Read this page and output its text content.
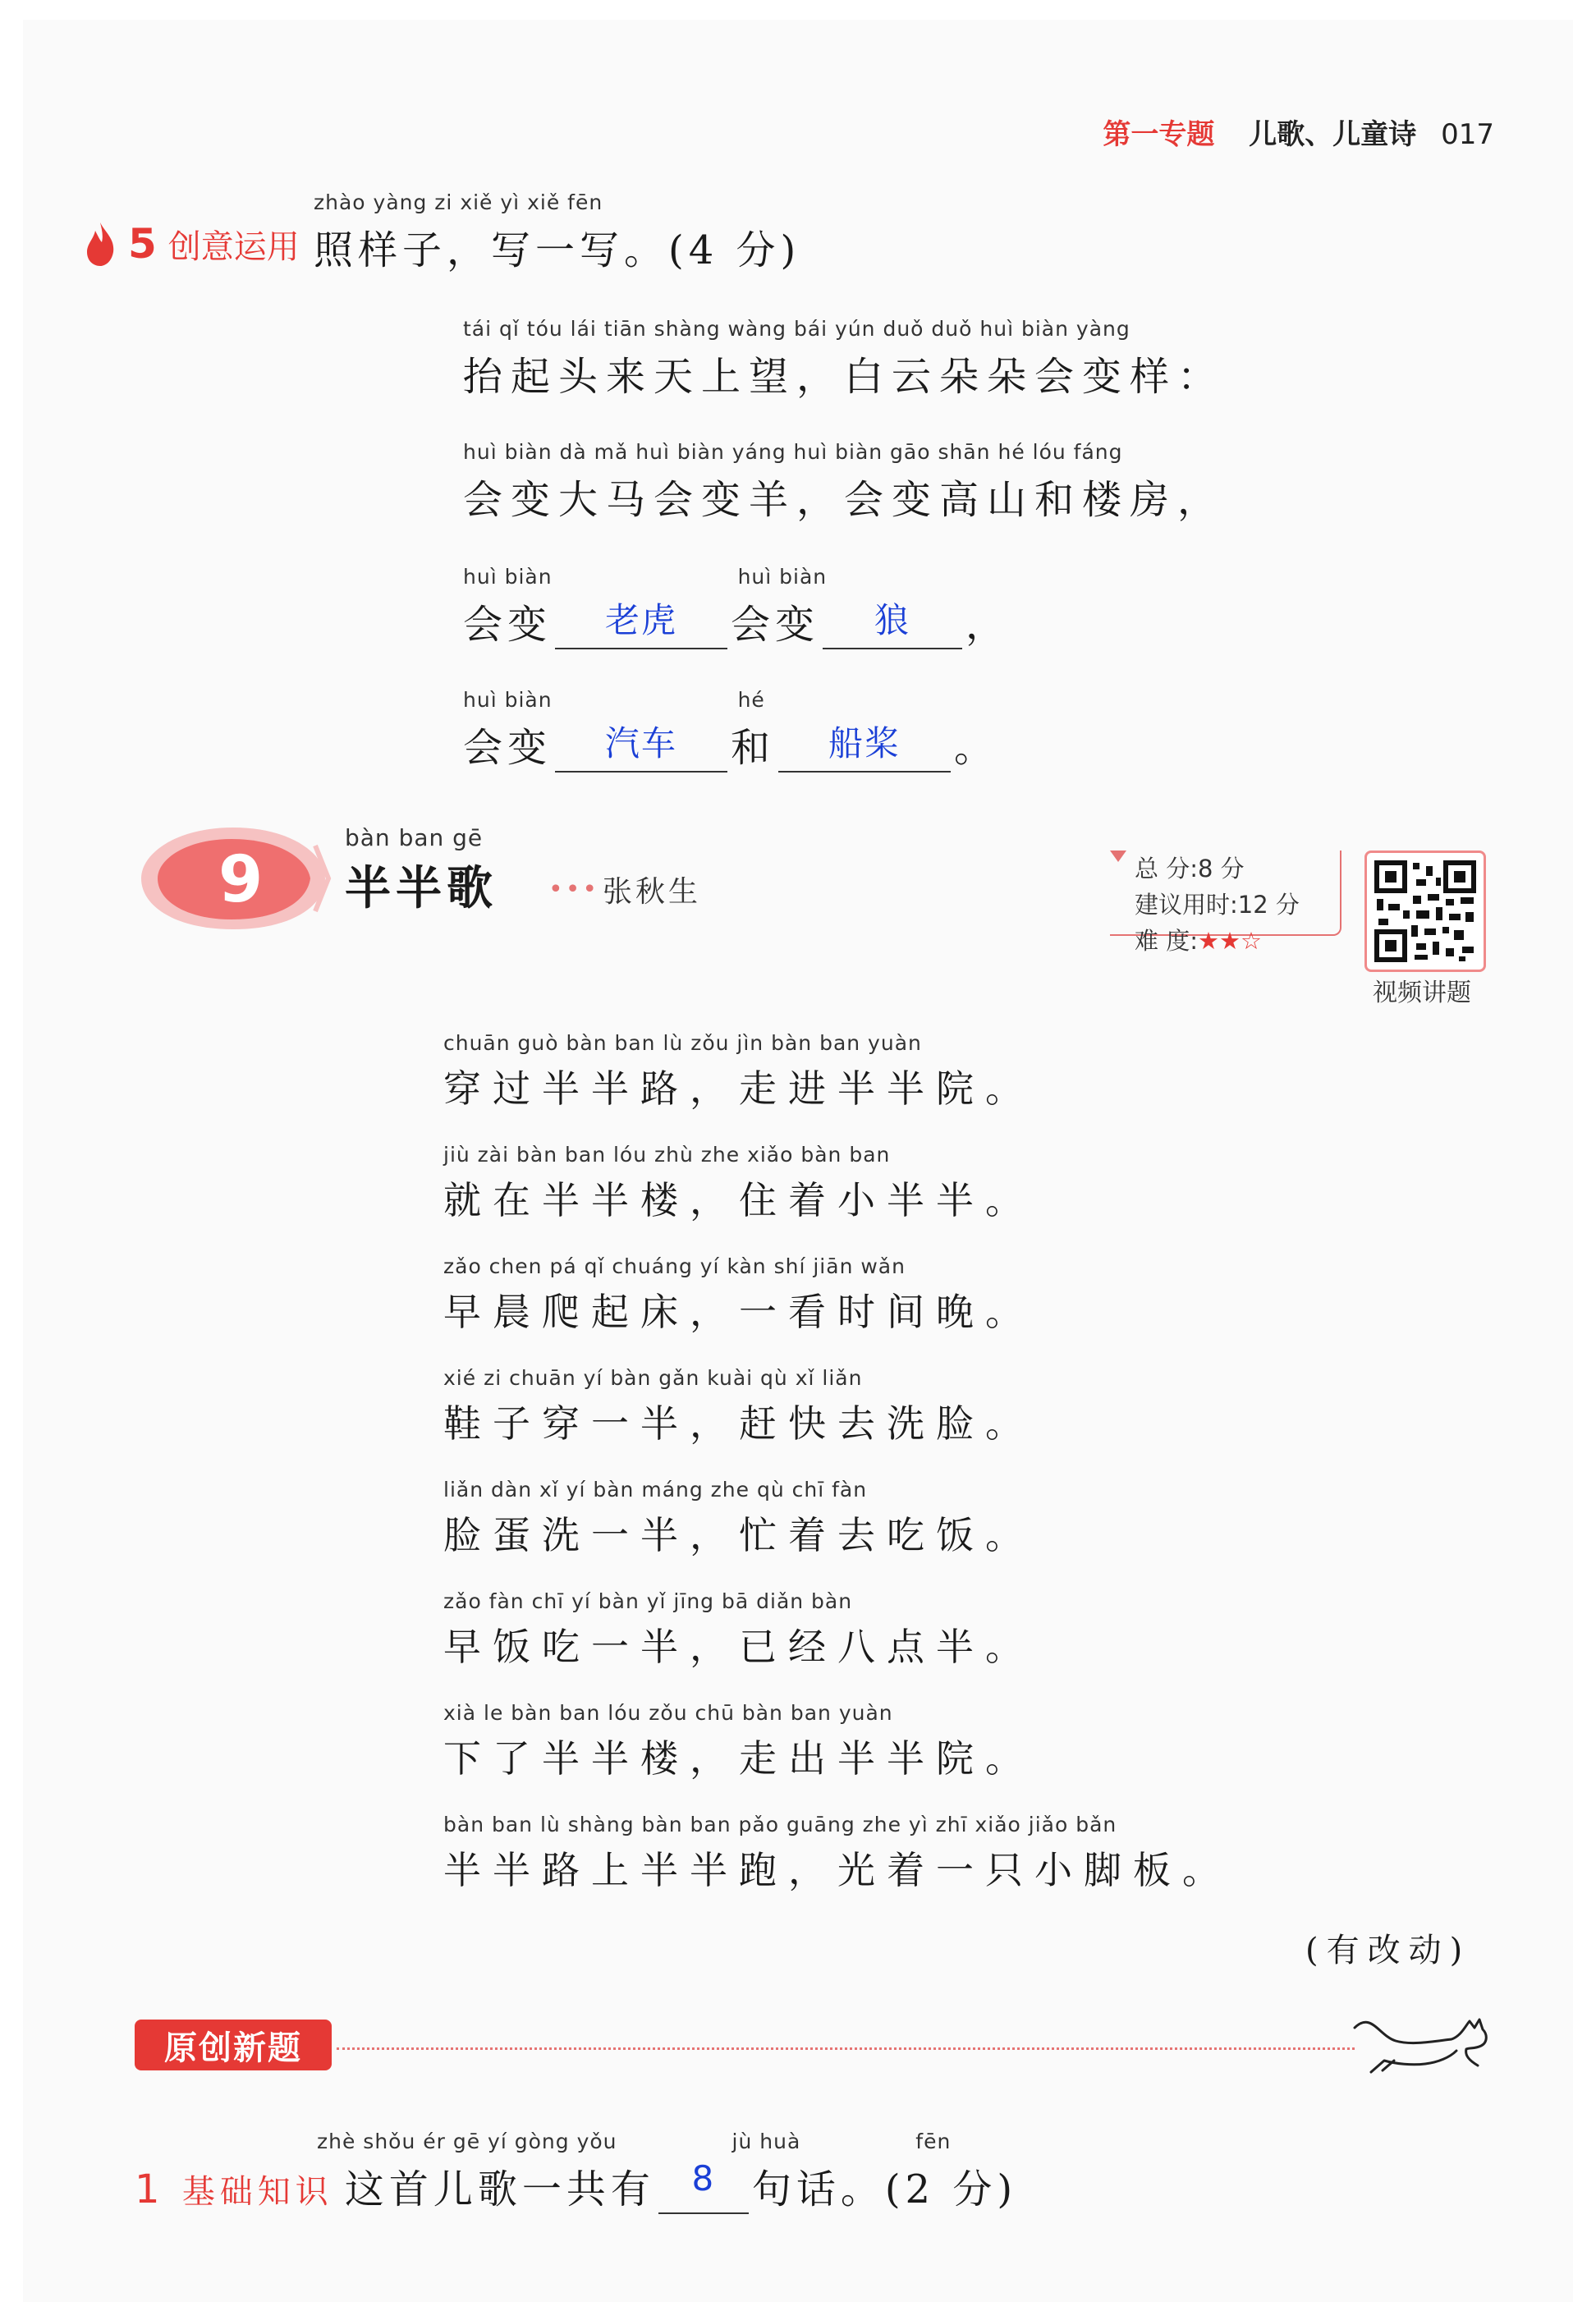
第一专题 儿歌、儿童诗 017
5 创意运用
zhào yàng zi xiě yì xiě fēn
照样子，写一写。(4 分)
tái qǐ tóu lái tiān shàng wàng bái yún duǒ duǒ huì biàn yàng
抬起头来天上望，白云朵朵会变样：
huì biàn dà mǎ huì biàn yáng huì biàn gāo shān hé lóu fáng
会变大马会变羊，会变高山和楼房，
huì biàn	huì biàn
会变	老虎	会变	狼	，
huì biàn	hé
会变	汽车	和	船桨	。
9
bàn ban gē
半半歌 ••• 张秋生
总 分:8 分
建议用时:12 分
难 度:★★☆
视频讲题
chuān guò bàn ban lù zǒu jìn bàn ban yuàn
穿过半半路，走进半半院。
jiù zài bàn ban lóu zhù zhe xiǎo bàn ban
就在半半楼，住着小半半。
zǎo chen pá qǐ chuáng yí kàn shí jiān wǎn
早晨爬起床，一看时间晚。
xié zi chuān yí bàn gǎn kuài qù xǐ liǎn
鞋子穿一半，赶快去洗脸。
liǎn dàn xǐ yí bàn máng zhe qù chī fàn
脸蛋洗一半，忙着去吃饭。
zǎo fàn chī yí bàn yǐ jīng bā diǎn bàn
早饭吃一半，已经八点半。
xià le bàn ban lóu zǒu chū bàn ban yuàn
下了半半楼，走出半半院。
bàn ban lù shàng bàn ban pǎo guāng zhe yì zhī xiǎo jiǎo bǎn
半半路上半半跑，光着一只小脚板。
(有改动)
原创新题
zhè shǒu ér gē yí gòng yǒu	jù huà	fēn
1 基础知识 这首儿歌一共有	8 句话。(2 分)
